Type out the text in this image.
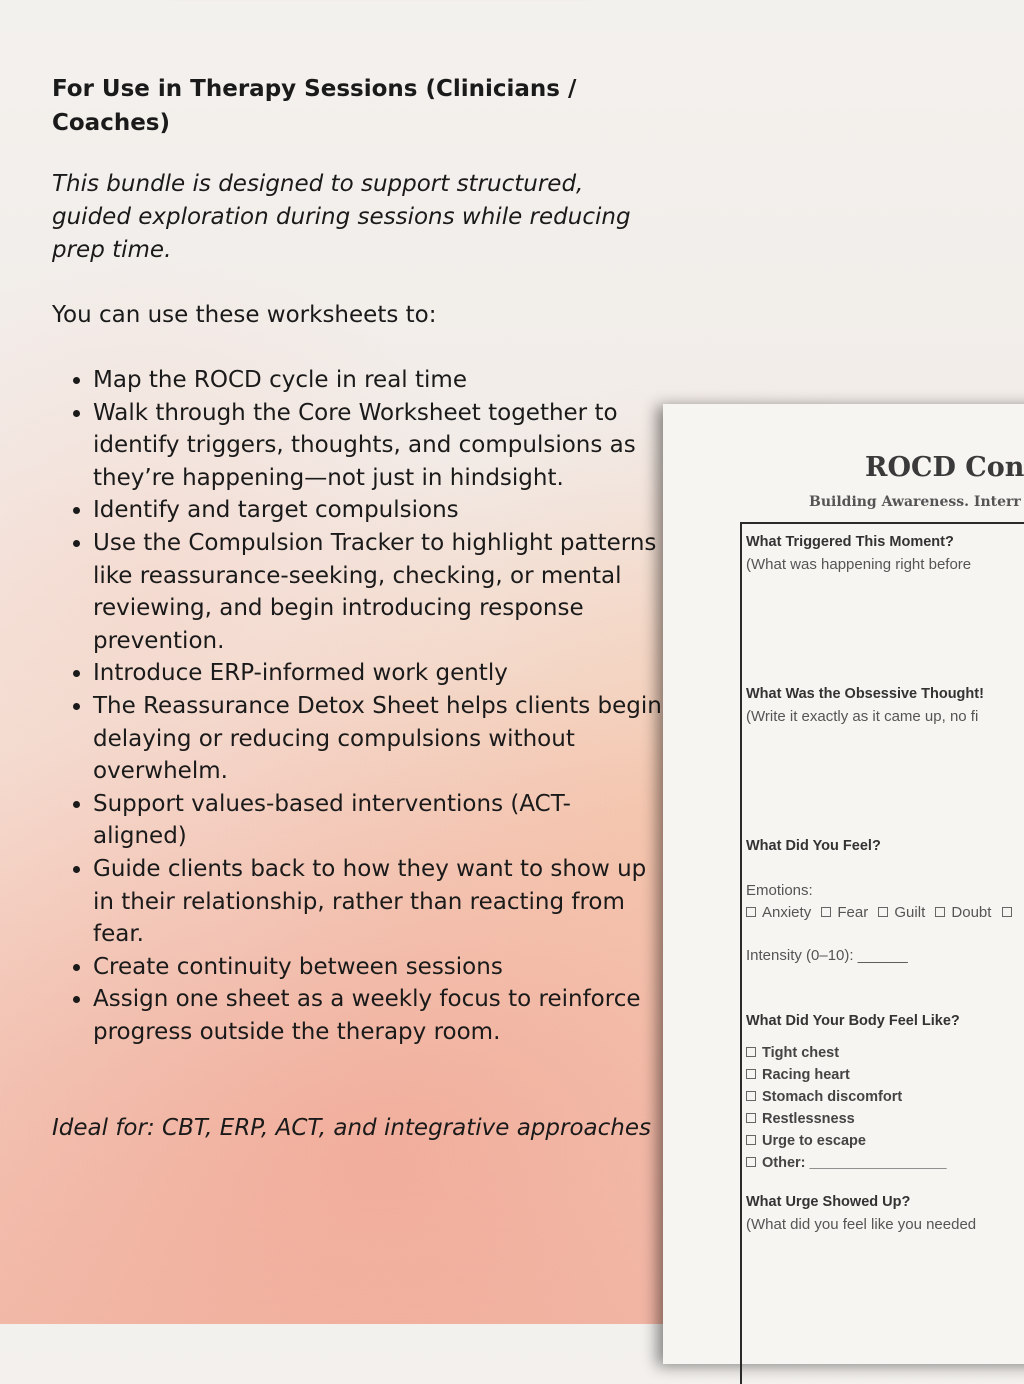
For Use in Therapy Sessions (Clinicians / Coaches)

This bundle is designed to support structured, guided exploration during sessions while reducing prep time.

You can use these worksheets to:

• Map the ROCD cycle in real time
• Walk through the Core Worksheet together to identify triggers, thoughts, and compulsions as they’re happening—not just in hindsight.
• Identify and target compulsions
• Use the Compulsion Tracker to highlight patterns like reassurance-seeking, checking, or mental reviewing, and begin introducing response prevention.
• Introduce ERP-informed work gently
• The Reassurance Detox Sheet helps clients begin delaying or reducing compulsions without overwhelm.
• Support values-based interventions (ACT-aligned)
• Guide clients back to how they want to show up in their relationship, rather than reacting from fear.
• Create continuity between sessions
• Assign one sheet as a weekly focus to reinforce progress outside the therapy room.

Ideal for: CBT, ERP, ACT, and integrative approaches

ROCD Con
Building Awareness. Interr
What Triggered This Moment?
(What was happening right before
What Was the Obsessive Thought!
(Write it exactly as it came up, no fi
What Did You Feel?
Emotions:
Anxiety Fear Guilt Doubt
Intensity (0–10): ______
What Did Your Body Feel Like?
Tight chest
Racing heart
Stomach discomfort
Restlessness
Urge to escape
Other: _________________
What Urge Showed Up?
(What did you feel like you needed
